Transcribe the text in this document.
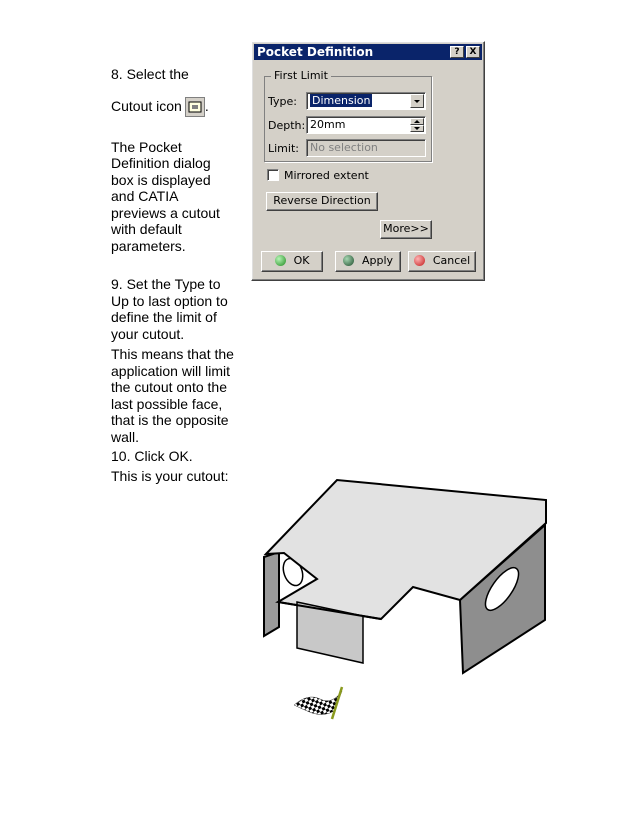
8. Select the

Cutout icon .

The Pocket Definition dialog box is displayed and CATIA previews a cutout with default parameters.

9. Set the Type to Up to last option to define the limit of your cutout.

This means that the application will limit the cutout onto the last possible face, that is the opposite wall.

10. Click OK.

This is your cutout:

Pocket Definition	?	X
First Limit
Type:	Dimension
Depth: 20mm
Limit:	No selection
Mirrored extent
Reverse Direction
More>>
OK	Apply	Cancel
